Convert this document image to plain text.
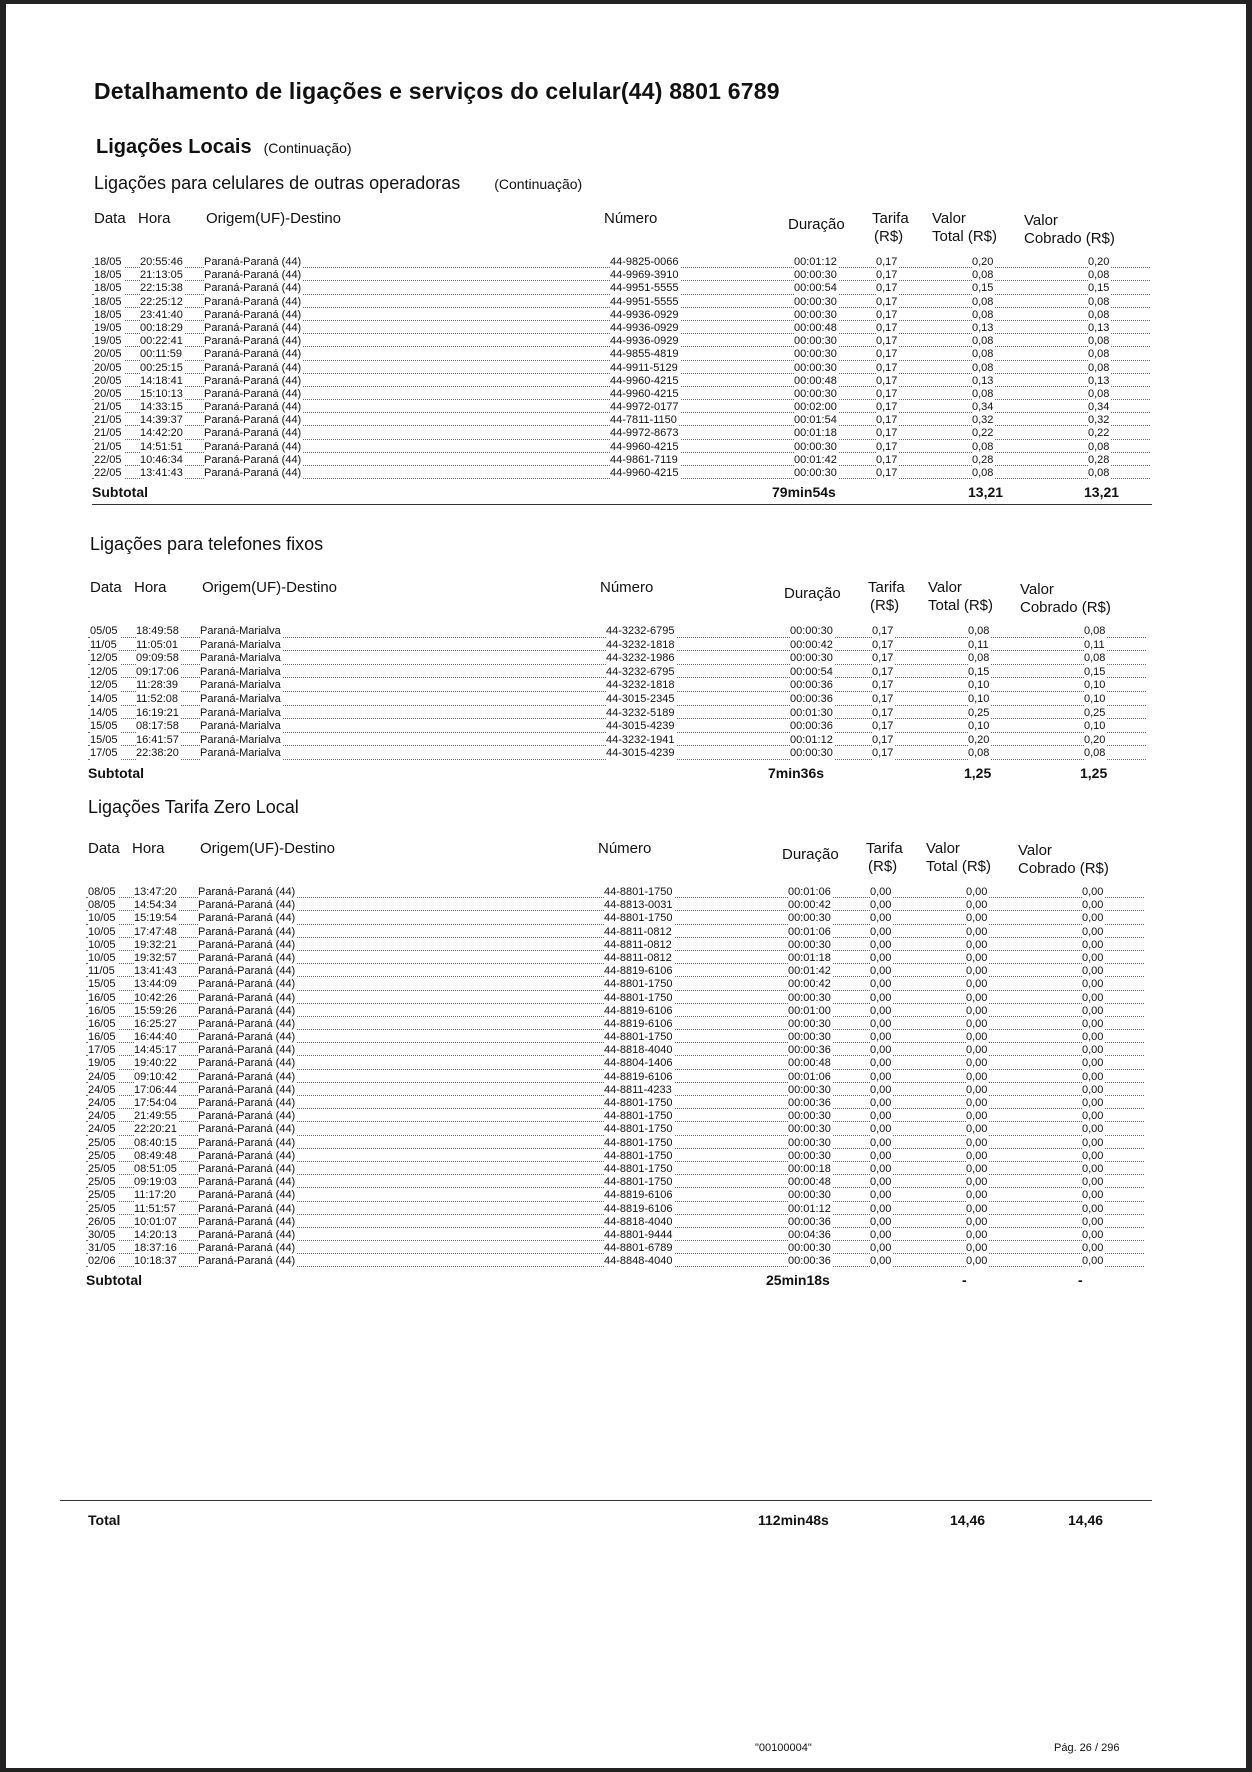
Detalhamento de ligações e serviços do celular(44) 8801 6789
Ligações Locais (Continuação)
Ligações para celulares de outras operadoras (Continuação)
Data Hora Origem(UF)-Destino	Número	Duração Tarifa
(R$)
Valor
Total (R$)
Valor
Cobrado (R$)
18/05 20:55:46 Paraná-Paraná (44)	44-9825-0066	00:01:12	0,17	0,20	0,20
18/05 21:13:05 Paraná-Paraná (44)	44-9969-3910	00:00:30	0,17	0,08	0,08
18/05 22:15:38 Paraná-Paraná (44)	44-9951-5555	00:00:54	0,17	0,15	0,15
18/05 22:25:12 Paraná-Paraná (44)	44-9951-5555	00:00:30	0,17	0,08	0,08
18/05 23:41:40 Paraná-Paraná (44)	44-9936-0929	00:00:30	0,17	0,08	0,08
19/05 00:18:29 Paraná-Paraná (44)	44-9936-0929	00:00:48	0,17	0,13	0,13
19/05 00:22:41 Paraná-Paraná (44)	44-9936-0929	00:00:30	0,17	0,08	0,08
20/05 00:11:59 Paraná-Paraná (44)	44-9855-4819	00:00:30	0,17	0,08	0,08
20/05 00:25:15 Paraná-Paraná (44)	44-9911-5129	00:00:30	0,17	0,08	0,08
20/05 14:18:41 Paraná-Paraná (44)	44-9960-4215	00:00:48	0,17	0,13	0,13
20/05 15:10:13 Paraná-Paraná (44)	44-9960-4215	00:00:30	0,17	0,08	0,08
21/05 14:33:15 Paraná-Paraná (44)	44-9972-0177	00:02:00	0,17	0,34	0,34
21/05 14:39:37 Paraná-Paraná (44)	44-7811-1150	00:01:54	0,17	0,32	0,32
21/05 14:42:20 Paraná-Paraná (44)	44-9972-8673	00:01:18	0,17	0,22	0,22
21/05 14:51:51 Paraná-Paraná (44)	44-9960-4215	00:00:30	0,17	0,08	0,08
22/05 10:46:34 Paraná-Paraná (44)	44-9861-7119	00:01:42	0,17	0,28	0,28
22/05 13:41:43 Paraná-Paraná (44)	44-9960-4215	00:00:30	0,17	0,08	0,08
Subtotal	79min54s	13,21	13,21
Ligações para telefones fixos
Data Hora Origem(UF)-Destino	Número	Duração Tarifa
(R$)
Valor
Total (R$)
Valor
Cobrado (R$)
05/05 18:49:58 Paraná-Marialva	44-3232-6795	00:00:30	0,17	0,08	0,08
11/05 11:05:01 Paraná-Marialva	44-3232-1818	00:00:42	0,17	0,11	0,11
12/05 09:09:58 Paraná-Marialva	44-3232-1986	00:00:30	0,17	0,08	0,08
12/05 09:17:06 Paraná-Marialva	44-3232-6795	00:00:54	0,17	0,15	0,15
12/05 11:28:39 Paraná-Marialva	44-3232-1818	00:00:36	0,17	0,10	0,10
14/05 11:52:08 Paraná-Marialva	44-3015-2345	00:00:36	0,17	0,10	0,10
14/05 16:19:21 Paraná-Marialva	44-3232-5189	00:01:30	0,17	0,25	0,25
15/05 08:17:58 Paraná-Marialva	44-3015-4239	00:00:36	0,17	0,10	0,10
15/05 16:41:57 Paraná-Marialva	44-3232-1941	00:01:12	0,17	0,20	0,20
17/05 22:38:20 Paraná-Marialva	44-3015-4239	00:00:30	0,17	0,08	0,08
Subtotal	7min36s	1,25	1,25
Ligações Tarifa Zero Local
Data Hora Origem(UF)-Destino	Número	Duração Tarifa
(R$)
Valor
Total (R$)
Valor
Cobrado (R$)
08/05 13:47:20 Paraná-Paraná (44)	44-8801-1750	00:01:06	0,00	0,00	0,00
08/05 14:54:34 Paraná-Paraná (44)	44-8813-0031	00:00:42	0,00	0,00	0,00
10/05 15:19:54 Paraná-Paraná (44)	44-8801-1750	00:00:30	0,00	0,00	0,00
10/05 17:47:48 Paraná-Paraná (44)	44-8811-0812	00:01:06	0,00	0,00	0,00
10/05 19:32:21 Paraná-Paraná (44)	44-8811-0812	00:00:30	0,00	0,00	0,00
10/05 19:32:57 Paraná-Paraná (44)	44-8811-0812	00:01:18	0,00	0,00	0,00
11/05 13:41:43 Paraná-Paraná (44)	44-8819-6106	00:01:42	0,00	0,00	0,00
15/05 13:44:09 Paraná-Paraná (44)	44-8801-1750	00:00:42	0,00	0,00	0,00
16/05 10:42:26 Paraná-Paraná (44)	44-8801-1750	00:00:30	0,00	0,00	0,00
16/05 15:59:26 Paraná-Paraná (44)	44-8819-6106	00:01:00	0,00	0,00	0,00
16/05 16:25:27 Paraná-Paraná (44)	44-8819-6106	00:00:30	0,00	0,00	0,00
16/05 16:44:40 Paraná-Paraná (44)	44-8801-1750	00:00:30	0,00	0,00	0,00
17/05 14:45:17 Paraná-Paraná (44)	44-8818-4040	00:00:36	0,00	0,00	0,00
19/05 19:40:22 Paraná-Paraná (44)	44-8804-1406	00:00:48	0,00	0,00	0,00
24/05 09:10:42 Paraná-Paraná (44)	44-8819-6106	00:01:06	0,00	0,00	0,00
24/05 17:06:44 Paraná-Paraná (44)	44-8811-4233	00:00:30	0,00	0,00	0,00
24/05 17:54:04 Paraná-Paraná (44)	44-8801-1750	00:00:36	0,00	0,00	0,00
24/05 21:49:55 Paraná-Paraná (44)	44-8801-1750	00:00:30	0,00	0,00	0,00
24/05 22:20:21 Paraná-Paraná (44)	44-8801-1750	00:00:30	0,00	0,00	0,00
25/05 08:40:15 Paraná-Paraná (44)	44-8801-1750	00:00:30	0,00	0,00	0,00
25/05 08:49:48 Paraná-Paraná (44)	44-8801-1750	00:00:30	0,00	0,00	0,00
25/05 08:51:05 Paraná-Paraná (44)	44-8801-1750	00:00:18	0,00	0,00	0,00
25/05 09:19:03 Paraná-Paraná (44)	44-8801-1750	00:00:48	0,00	0,00	0,00
25/05 11:17:20 Paraná-Paraná (44)	44-8819-6106	00:00:30	0,00	0,00	0,00
25/05 11:51:57 Paraná-Paraná (44)	44-8819-6106	00:01:12	0,00	0,00	0,00
26/05 10:01:07 Paraná-Paraná (44)	44-8818-4040	00:00:36	0,00	0,00	0,00
30/05 14:20:13 Paraná-Paraná (44)	44-8801-9444	00:04:36	0,00	0,00	0,00
31/05 18:37:16 Paraná-Paraná (44)	44-8801-6789	00:00:30	0,00	0,00	0,00
02/06 10:18:37 Paraná-Paraná (44)	44-8848-4040	00:00:36	0,00	0,00	0,00
Subtotal	25min18s	-	-
Total	112min48s	14,46	14,46
"00100004"	Pág. 26 / 296
